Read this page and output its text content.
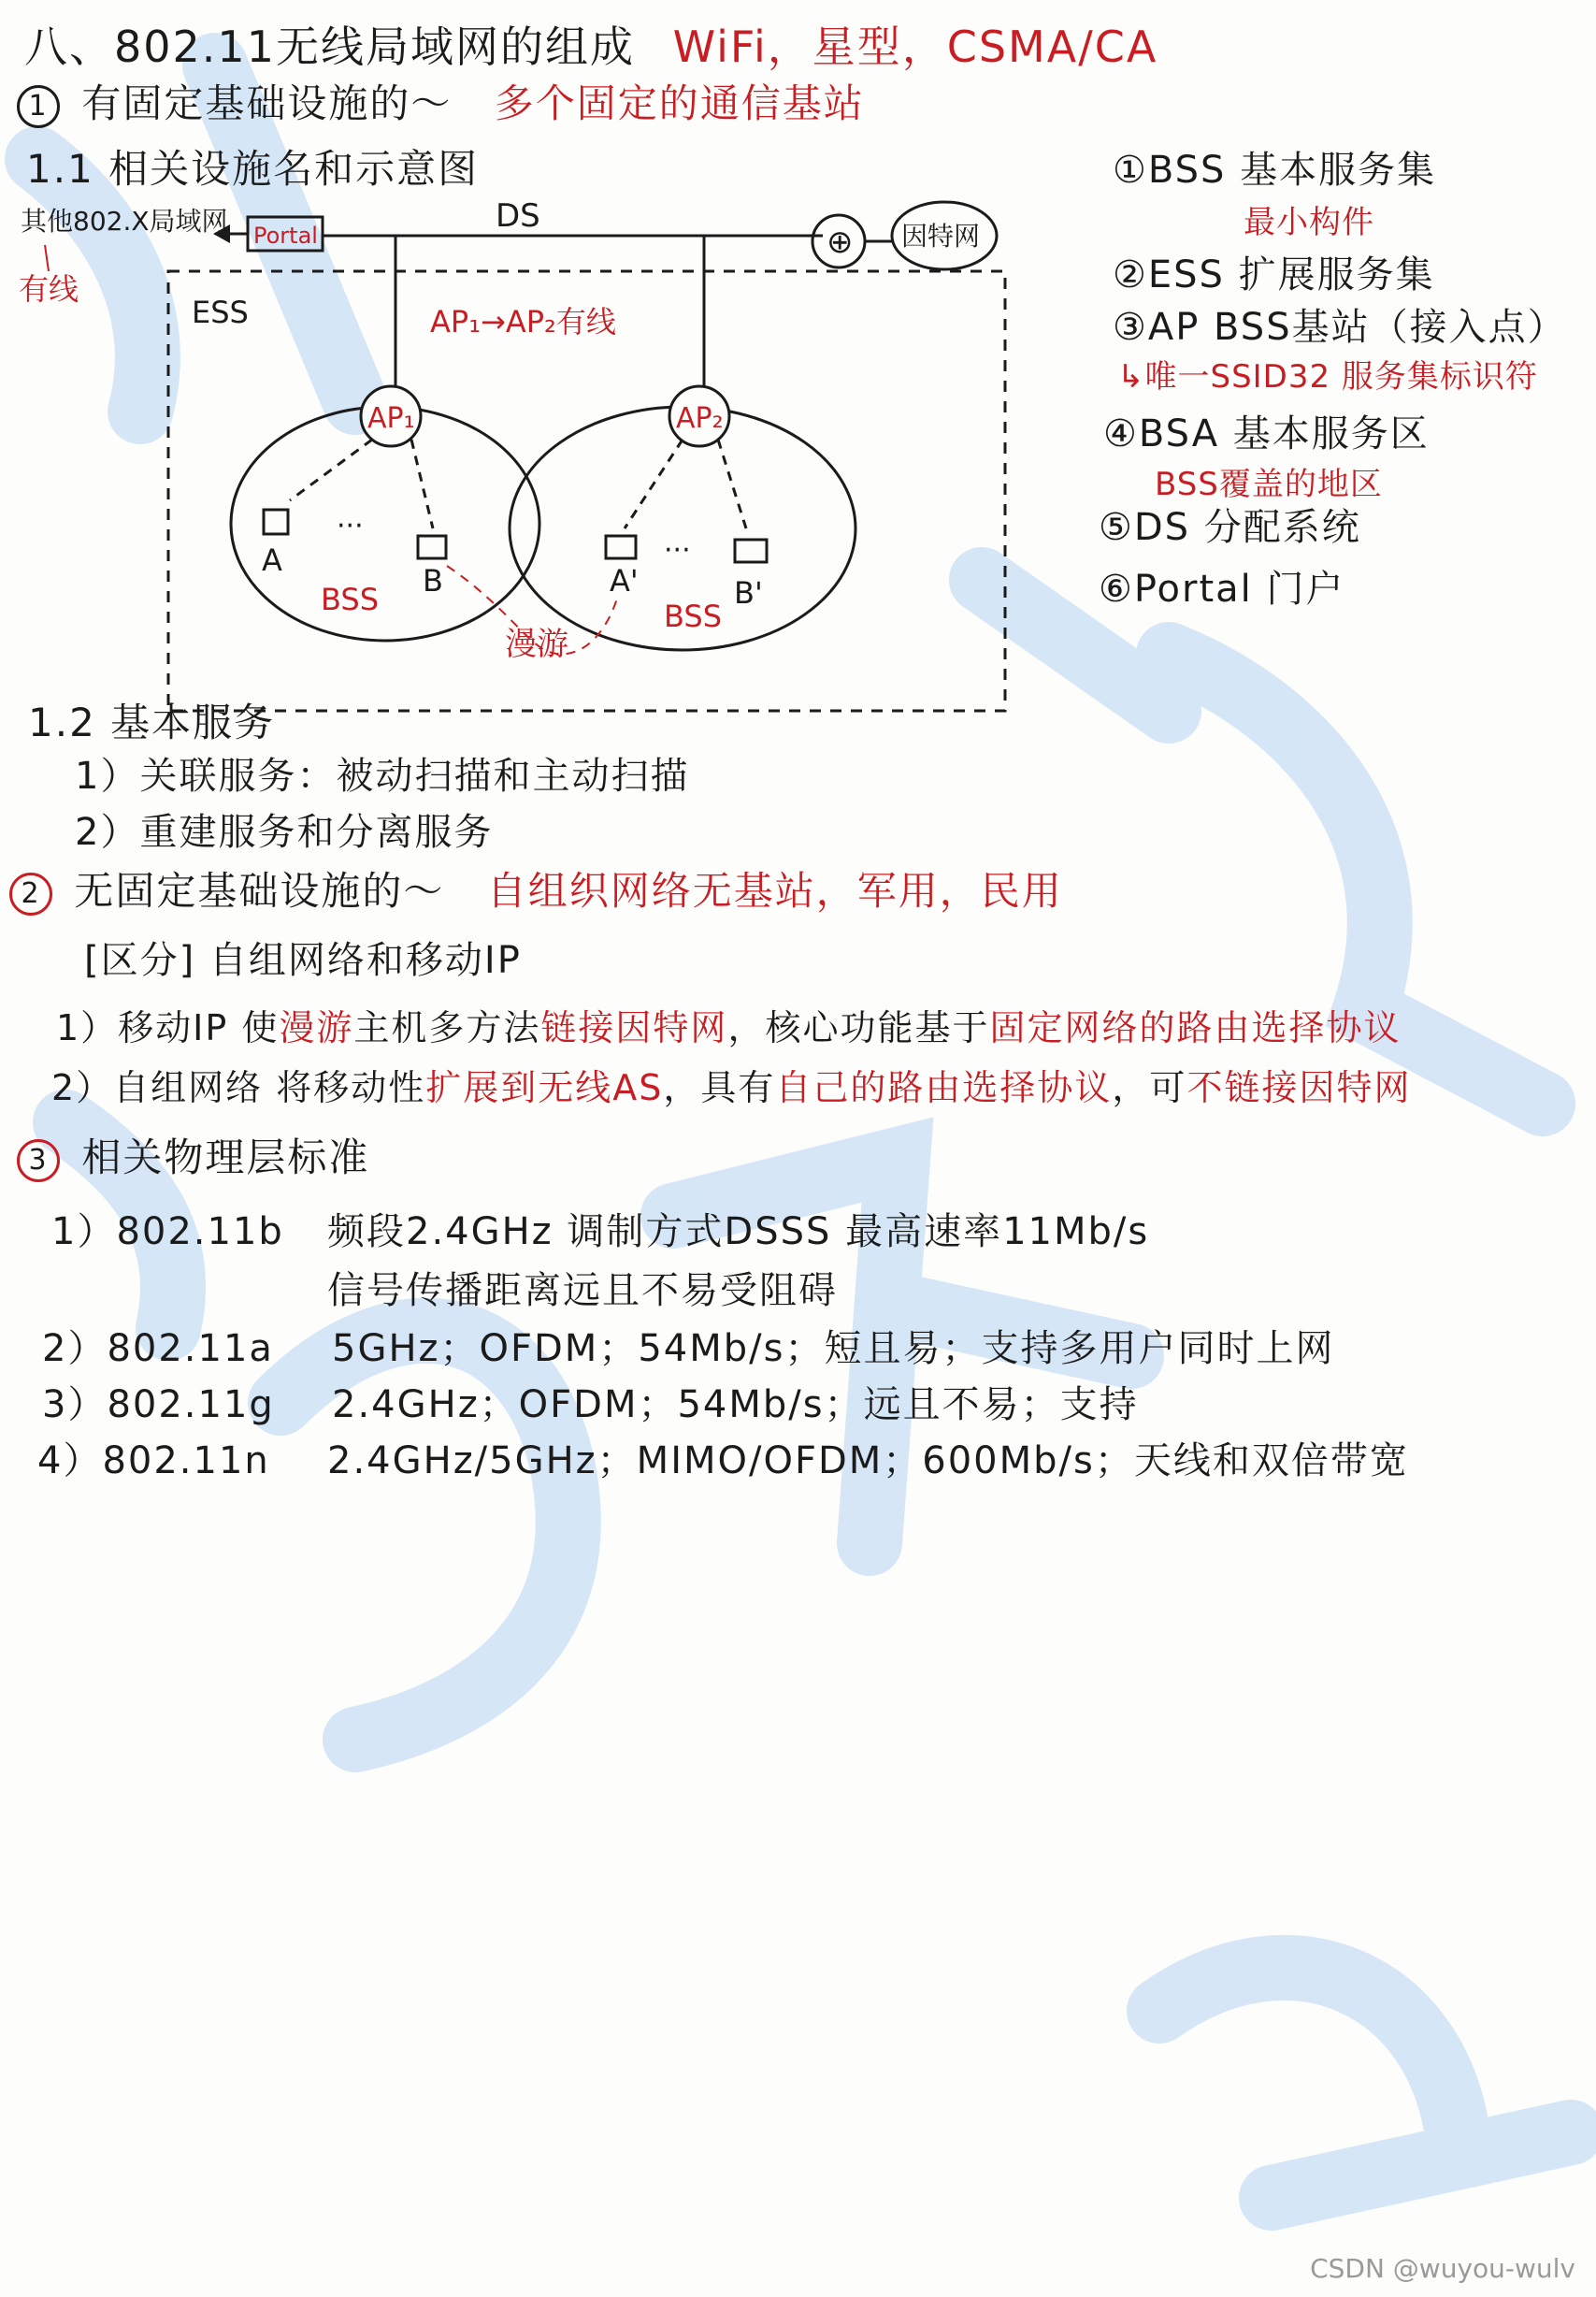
八、802.11无线局域网的组成 WiFi，星型，CSMA/CA
1 有固定基础设施的～ 多个固定的通信基站
1.1 相关设施名和示意图
DS
Portal
其他802.X局域网
有线
⊕ 因特网
ESS	AP₁→AP₂有线
AP₁	AP₂
A
B
···
BSS
A'	B'
···
BSS
漫游
①BSS 基本服务集
最小构件
②ESS 扩展服务集
③AP BSS基站（接入点）
↳唯一SSID32 服务集标识符
④BSA 基本服务区
BSS覆盖的地区
⑤DS 分配系统
⑥Portal 门户
1.2 基本服务
1）关联服务：被动扫描和主动扫描
2）重建服务和分离服务
2 无固定基础设施的～ 自组织网络无基站，军用，民用
[区分] 自组网络和移动IP
1）移动IP 使漫游主机多方法链接因特网，核心功能基于固定网络的路由选择协议
2）自组网络 将移动性扩展到无线AS，具有自己的路由选择协议，可不链接因特网
3 相关物理层标准
1）802.11b 频段2.4GHz 调制方式DSSS 最高速率11Mb/s
信号传播距离远且不易受阻碍
2）802.11a 5GHz；OFDM；54Mb/s；短且易；支持多用户同时上网
3）802.11g 2.4GHz；OFDM；54Mb/s；远且不易；支持
4）802.11n 2.4GHz/5GHz；MIMO/OFDM；600Mb/s；天线和双倍带宽
CSDN @wuyou-wulv
